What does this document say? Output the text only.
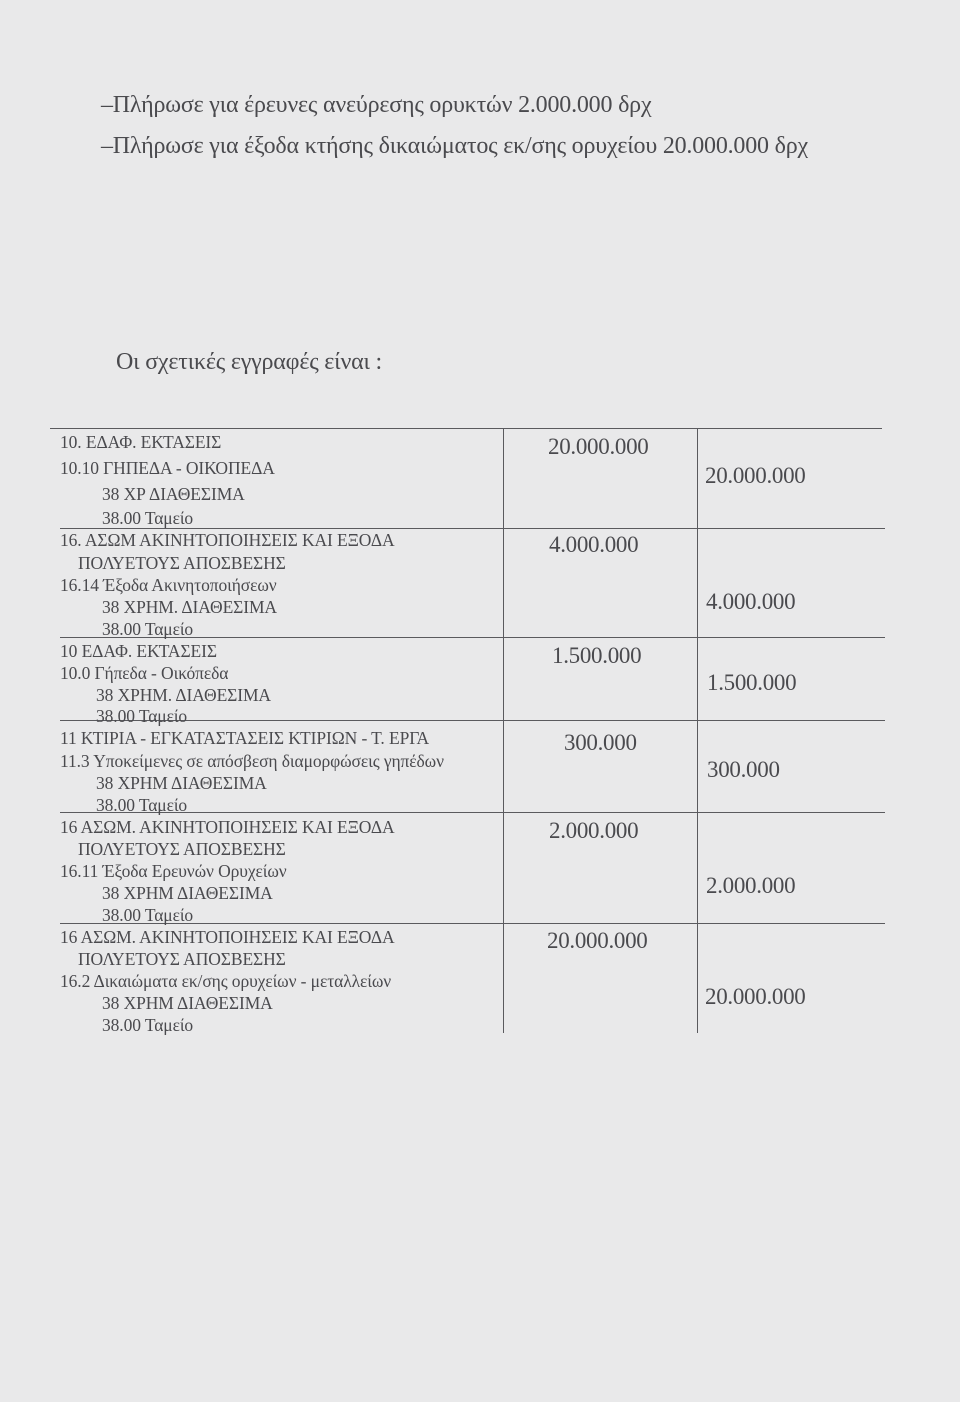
–Πλήρωσε για έρευνες ανεύρεσης ορυκτών 2.000.000 δρχ
–Πλήρωσε για έξοδα κτήσης δικαιώματος εκ/σης ορυχείου 20.000.000 δρχ
Οι σχετικές εγγραφές είναι :
10. ΕΔΑΦ. ΕΚΤΑΣΕΙΣ
10.10 ΓΗΠΕΔΑ - ΟΙΚΟΠΕΔΑ
38 ΧΡ ΔΙΑΘΕΣΙΜΑ
38.00 Ταμείο
20.000.000
20.000.000
16. ΑΣΩΜ ΑΚΙΝΗΤΟΠΟΙΗΣΕΙΣ ΚΑΙ ΕΞΟΔΑ
ΠΟΛΥΕΤΟΥΣ ΑΠΟΣΒΕΣΗΣ
16.14 Έξοδα Ακινητοποιήσεων
38 ΧΡΗΜ. ΔΙΑΘΕΣΙΜΑ
38.00 Ταμείο
4.000.000
4.000.000
10 ΕΔΑΦ. ΕΚΤΑΣΕΙΣ
10.0 Γήπεδα - Οικόπεδα
38 ΧΡΗΜ. ΔΙΑΘΕΣΙΜΑ
38.00 Ταμείο
1.500.000
1.500.000
11 ΚΤΙΡΙΑ - ΕΓΚΑΤΑΣΤΑΣΕΙΣ ΚΤΙΡΙΩΝ - Τ. ΕΡΓΑ
11.3 Υποκείμενες σε απόσβεση διαμορφώσεις γηπέδων
38 ΧΡΗΜ ΔΙΑΘΕΣΙΜΑ
38.00 Ταμείο
300.000
300.000
16 ΑΣΩΜ. ΑΚΙΝΗΤΟΠΟΙΗΣΕΙΣ ΚΑΙ ΕΞΟΔΑ
ΠΟΛΥΕΤΟΥΣ ΑΠΟΣΒΕΣΗΣ
16.11 Έξοδα Ερευνών Ορυχείων
38 ΧΡΗΜ ΔΙΑΘΕΣΙΜΑ
38.00 Ταμείο
2.000.000
2.000.000
16 ΑΣΩΜ. ΑΚΙΝΗΤΟΠΟΙΗΣΕΙΣ ΚΑΙ ΕΞΟΔΑ
ΠΟΛΥΕΤΟΥΣ ΑΠΟΣΒΕΣΗΣ
16.2 Δικαιώματα εκ/σης ορυχείων - μεταλλείων
38 ΧΡΗΜ ΔΙΑΘΕΣΙΜΑ
38.00 Ταμείο
20.000.000
20.000.000
